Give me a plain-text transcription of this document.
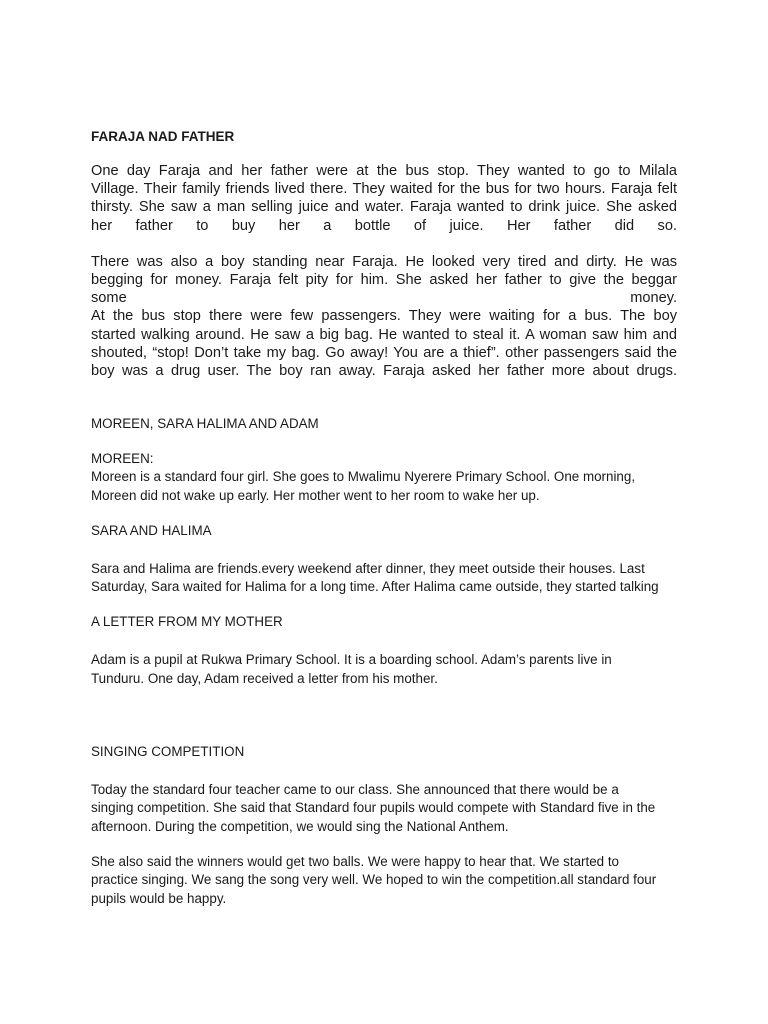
FARAJA NAD FATHER
One day Faraja and her father were at the bus stop. They wanted to go to Milala
Village. Their family friends lived there. They waited for the bus for two hours. Faraja felt
thirsty. She saw a man selling juice and water. Faraja wanted to drink juice. She asked
her father to buy her a bottle of juice. Her father did so.
There was also a boy standing near Faraja. He looked very tired and dirty. He was
begging for money. Faraja felt pity for him. She asked her father to give the beggar
some money.
At the bus stop there were few passengers. They were waiting for a bus. The boy
started walking around. He saw a big bag. He wanted to steal it. A woman saw him and
shouted, “stop! Don’t take my bag. Go away! You are a thief”. other passengers said the
boy was a drug user. The boy ran away. Faraja asked her father more about drugs.
MOREEN, SARA HALIMA AND ADAM
MOREEN:
Moreen is a standard four girl. She goes to Mwalimu Nyerere Primary School. One morning,
Moreen did not wake up early. Her mother went to her room to wake her up.
SARA AND HALIMA
Sara and Halima are friends.every weekend after dinner, they meet outside their houses. Last
Saturday, Sara waited for Halima for a long time. After Halima came outside, they started talking
A LETTER FROM MY MOTHER
Adam is a pupil at Rukwa Primary School. It is a boarding school. Adam’s parents live in
Tunduru. One day, Adam received a letter from his mother.
SINGING COMPETITION
Today the standard four teacher came to our class. She announced that there would be a
singing competition. She said that Standard four pupils would compete with Standard five in the
afternoon. During the competition, we would sing the National Anthem.
She also said the winners would get two balls. We were happy to hear that. We started to
practice singing. We sang the song very well. We hoped to win the competition.all standard four
pupils would be happy.
